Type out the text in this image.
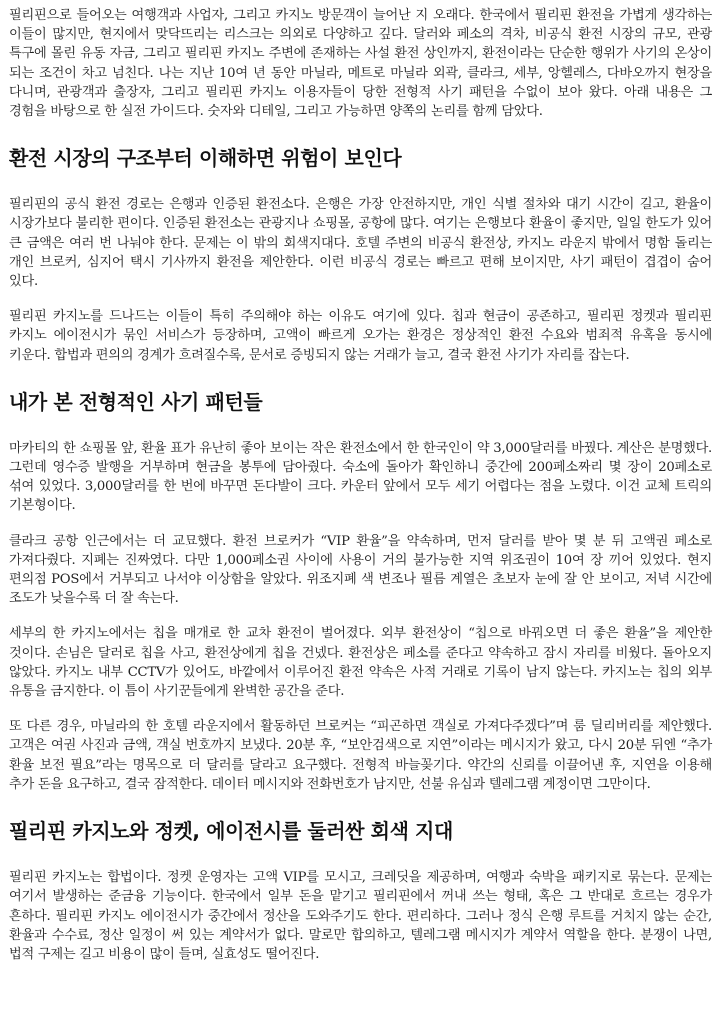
필리핀으로 들어오는 여행객과 사업자, 그리고 카지노 방문객이 늘어난 지 오래다. 한국에서 필리핀 환전을 가볍게 생각하는 이들이 많지만, 현지에서 맞닥뜨리는 리스크는 의외로 다양하고 깊다. 달러와 페소의 격차, 비공식 환전 시장의 규모, 관광 특구에 몰린 유동 자금, 그리고 필리핀 카지노 주변에 존재하는 사설 환전 상인까지, 환전이라는 단순한 행위가 사기의 온상이 되는 조건이 차고 넘친다. 나는 지난 10여 년 동안 마닐라, 메트로 마닐라 외곽, 클라크, 세부, 앙헬레스, 다바오까지 현장을 다니며, 관광객과 출장자, 그리고 필리핀 카지노 이용자들이 당한 전형적 사기 패턴을 수없이 보아 왔다. 아래 내용은 그 경험을 바탕으로 한 실전 가이드다. 숫자와 디테일, 그리고 가능하면 양쪽의 논리를 함께 담았다.

환전 시장의 구조부터 이해하면 위험이 보인다

필리핀의 공식 환전 경로는 은행과 인증된 환전소다. 은행은 가장 안전하지만, 개인 식별 절차와 대기 시간이 길고, 환율이 시장가보다 불리한 편이다. 인증된 환전소는 관광지나 쇼핑몰, 공항에 많다. 여기는 은행보다 환율이 좋지만, 일일 한도가 있어 큰 금액은 여러 번 나눠야 한다. 문제는 이 밖의 회색지대다. 호텔 주변의 비공식 환전상, 카지노 라운지 밖에서 명함 돌리는 개인 브로커, 심지어 택시 기사까지 환전을 제안한다. 이런 비공식 경로는 빠르고 편해 보이지만, 사기 패턴이 겹겹이 숨어 있다.

필리핀 카지노를 드나드는 이들이 특히 주의해야 하는 이유도 여기에 있다. 칩과 현금이 공존하고, 필리핀 정켓과 필리핀 카지노 에이전시가 묶인 서비스가 등장하며, 고액이 빠르게 오가는 환경은 정상적인 환전 수요와 범죄적 유혹을 동시에 키운다. 합법과 편의의 경계가 흐려질수록, 문서로 증빙되지 않는 거래가 늘고, 결국 환전 사기가 자리를 잡는다.

내가 본 전형적인 사기 패턴들

마카티의 한 쇼핑몰 앞, 환율 표가 유난히 좋아 보이는 작은 환전소에서 한 한국인이 약 3,000달러를 바꿨다. 계산은 분명했다. 그런데 영수증 발행을 거부하며 현금을 봉투에 담아줬다. 숙소에 돌아가 확인하니 중간에 200페소짜리 몇 장이 20페소로 섞여 있었다. 3,000달러를 한 번에 바꾸면 돈다발이 크다. 카운터 앞에서 모두 세기 어렵다는 점을 노렸다. 이건 교체 트릭의 기본형이다.

클라크 공항 인근에서는 더 교묘했다. 환전 브로커가 “VIP 환율”을 약속하며, 먼저 달러를 받아 몇 분 뒤 고액권 페소로 가져다줬다. 지폐는 진짜였다. 다만 1,000페소권 사이에 사용이 거의 불가능한 지역 위조권이 10여 장 끼어 있었다. 현지 편의점 POS에서 거부되고 나서야 이상함을 알았다. 위조지폐 색 변조나 필름 계열은 초보자 눈에 잘 안 보이고, 저녁 시간에 조도가 낮을수록 더 잘 속는다.

세부의 한 카지노에서는 칩을 매개로 한 교차 환전이 벌어졌다. 외부 환전상이 “칩으로 바꿔오면 더 좋은 환율”을 제안한 것이다. 손님은 달러로 칩을 사고, 환전상에게 칩을 건넸다. 환전상은 페소를 준다고 약속하고 잠시 자리를 비웠다. 돌아오지 않았다. 카지노 내부 CCTV가 있어도, 바깥에서 이루어진 환전 약속은 사적 거래로 기록이 남지 않는다. 카지노는 칩의 외부 유통을 금지한다. 이 틈이 사기꾼들에게 완벽한 공간을 준다.

또 다른 경우, 마닐라의 한 호텔 라운지에서 활동하던 브로커는 “피곤하면 객실로 가져다주겠다”며 룸 딜리버리를 제안했다. 고객은 여권 사진과 금액, 객실 번호까지 보냈다. 20분 후, “보안검색으로 지연”이라는 메시지가 왔고, 다시 20분 뒤엔 “추가 환율 보전 필요”라는 명목으로 더 달러를 달라고 요구했다. 전형적 바늘꽂기다. 약간의 신뢰를 이끌어낸 후, 지연을 이용해 추가 돈을 요구하고, 결국 잠적한다. 데이터 메시지와 전화번호가 남지만, 선불 유심과 텔레그램 계정이면 그만이다.

필리핀 카지노와 정켓, 에이전시를 둘러싼 회색 지대

필리핀 카지노는 합법이다. 정켓 운영자는 고액 VIP를 모시고, 크레딧을 제공하며, 여행과 숙박을 패키지로 묶는다. 문제는 여기서 발생하는 준금융 기능이다. 한국에서 일부 돈을 맡기고 필리핀에서 꺼내 쓰는 형태, 혹은 그 반대로 흐르는 경우가 흔하다. 필리핀 카지노 에이전시가 중간에서 정산을 도와주기도 한다. 편리하다. 그러나 정식 은행 루트를 거치지 않는 순간, 환율과 수수료, 정산 일정이 써 있는 계약서가 없다. 말로만 합의하고, 텔레그램 메시지가 계약서 역할을 한다. 분쟁이 나면, 법적 구제는 길고 비용이 많이 들며, 실효성도 떨어진다.
